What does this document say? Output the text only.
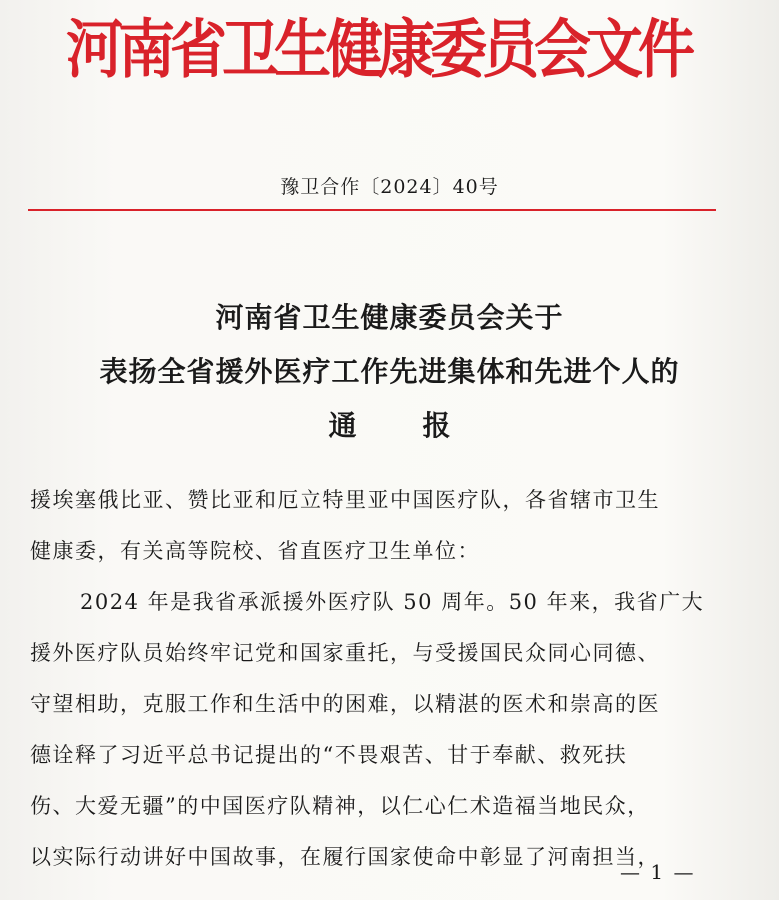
河南省卫生健康委员会文件
豫卫合作〔2024〕40号
河南省卫生健康委员会关于
表扬全省援外医疗工作先进集体和先进个人的
通报
援埃塞俄比亚、赞比亚和厄立特里亚中国医疗队，各省辖市卫生
健康委，有关高等院校、省直医疗卫生单位：
2024 年是我省承派援外医疗队 50 周年。50 年来，我省广大
援外医疗队员始终牢记党和国家重托，与受援国民众同心同德、
守望相助，克服工作和生活中的困难，以精湛的医术和崇高的医
德诠释了习近平总书记提出的“不畏艰苦、甘于奉献、救死扶
伤、大爱无疆”的中国医疗队精神，以仁心仁术造福当地民众，
以实际行动讲好中国故事，在履行国家使命中彰显了河南担当，
— 1 —
